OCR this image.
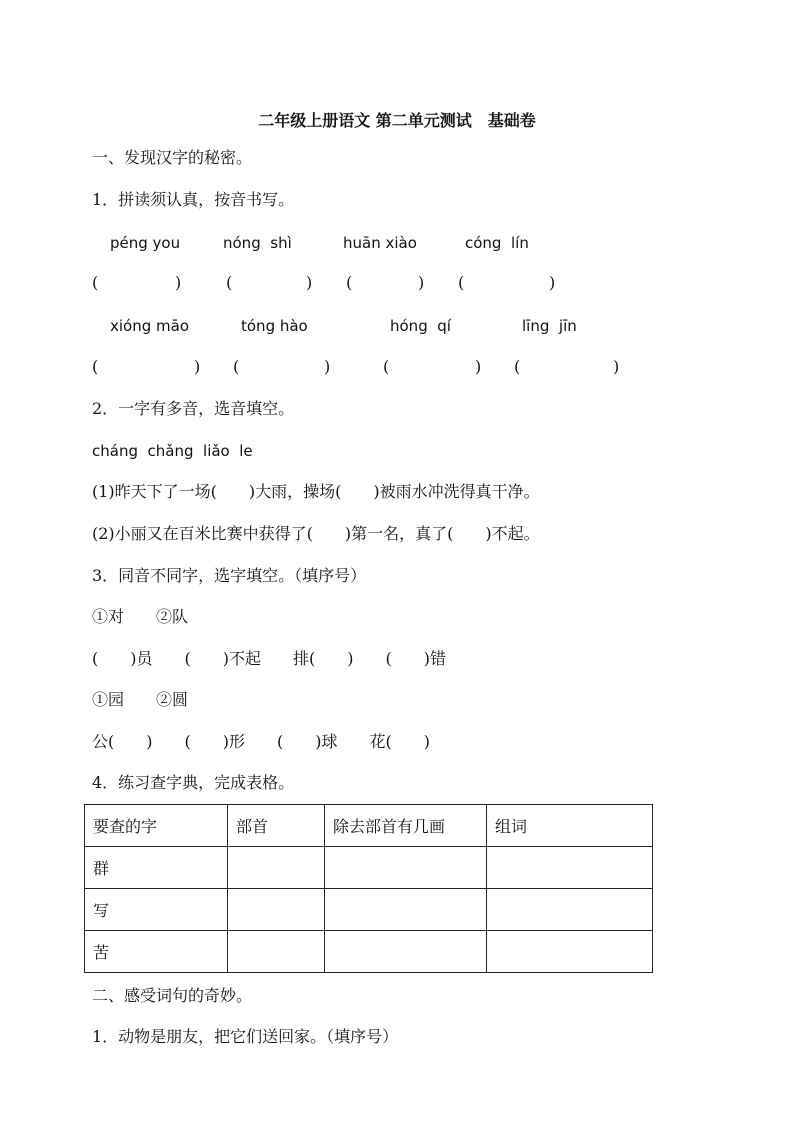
二年级上册语文 第二单元测试　基础卷
一、发现汉字的秘密。
1．拼读须认真，按音书写。
péng you	nóng  shì	huān xiào	cóng  lín
(	)	(	) (	) (	)
xióng māo	tóng hào	hóng  qí	līng  jīn
(	) (	)	(	) (	)
2．一字有多音，选音填空。
cháng  chǎng  liǎo  le
(1)昨天下了一场(　　)大雨，操场(　　)被雨水冲洗得真干净。
(2)小丽又在百米比赛中获得了(　　)第一名，真了(　　)不起。
3．同音不同字，选字填空。（填序号）
①对　　②队
(　　)员　　(　　)不起　　排(　　)　　(　　)错
①园　　②圆
公(　　)　　(　　)形　　(　　)球　　花(　　)
4．练习查字典，完成表格。
要查的字	部首	除去部首有几画	组词
群			
写			
苦			
二、感受词句的奇妙。
1．动物是朋友，把它们送回家。（填序号）
